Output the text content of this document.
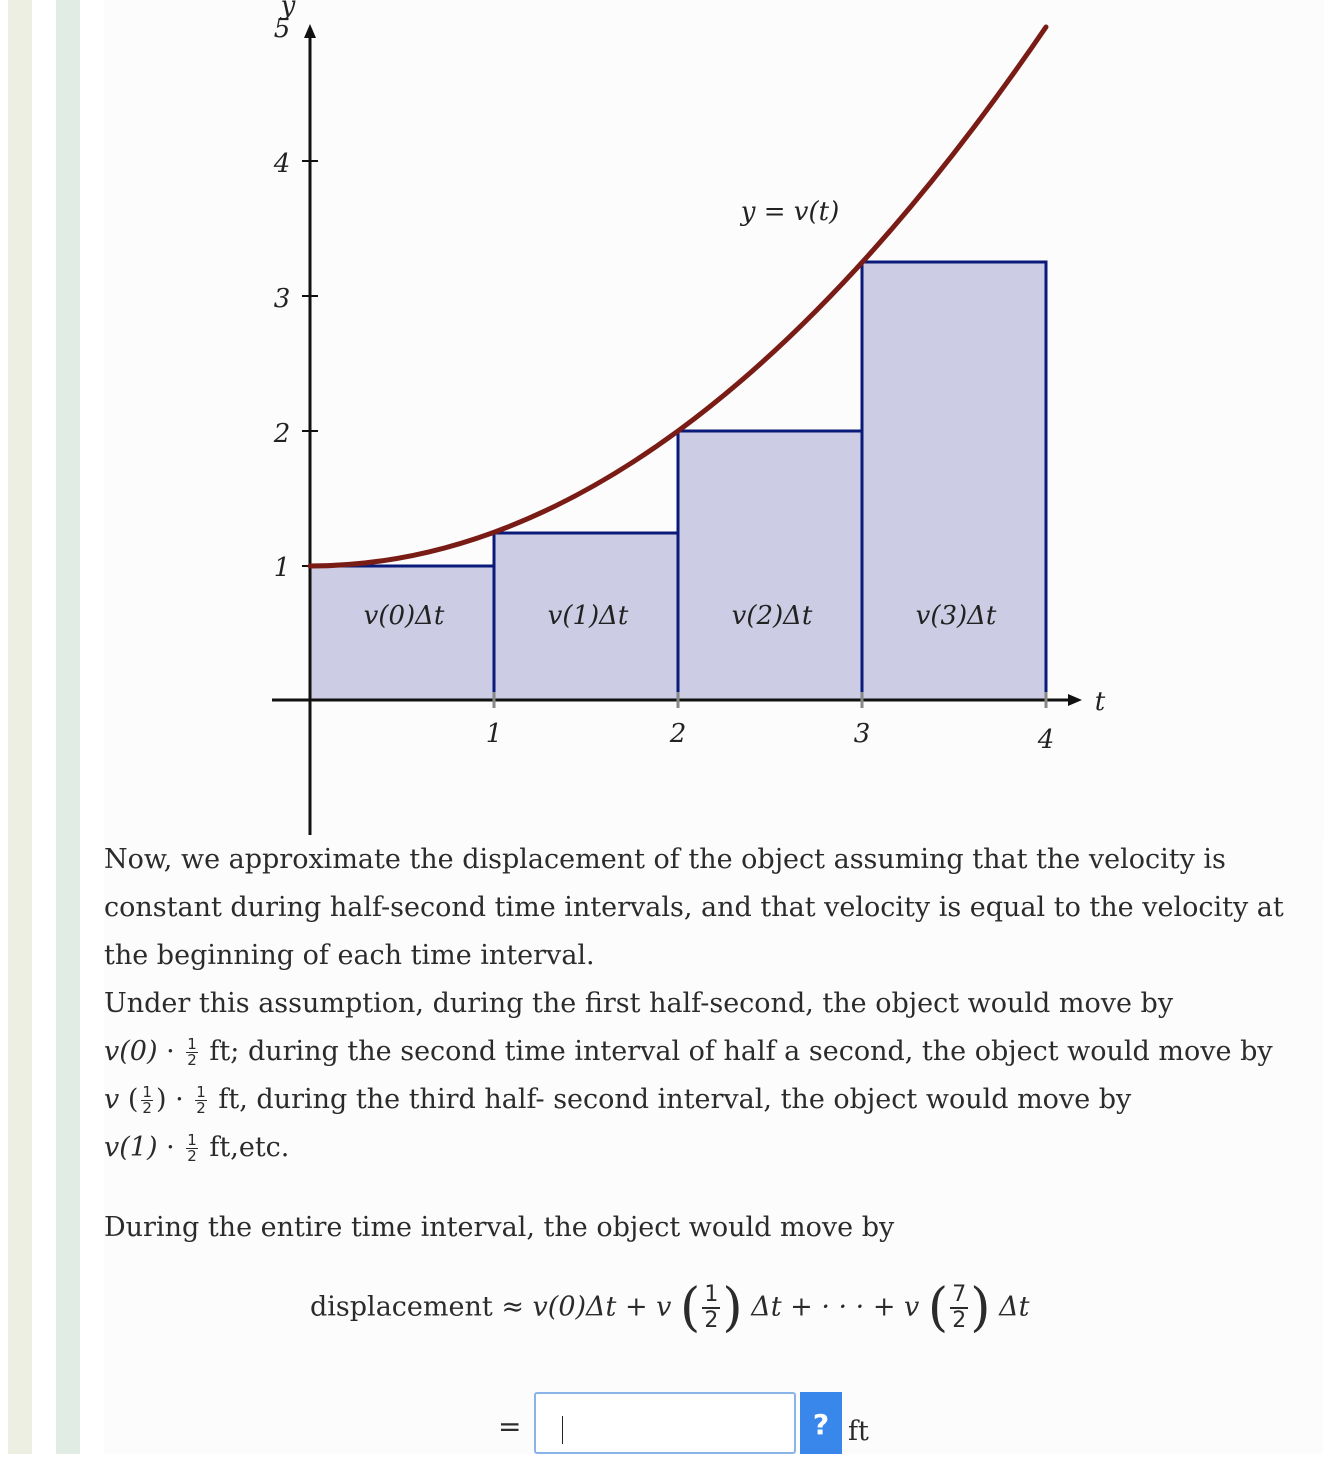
1
2
3
4
5
y
1	2	3	4
t
y = v(t)
v(0)Δt	v(1)Δt	v(2)Δt	v(3)Δt
Now, we approximate the displacement of the object assuming that the velocity is constant during half-second time intervals, and that velocity is equal to the velocity at the beginning of each time interval.
Under this assumption, during the first half-second, the object would move by
$v(0) \cdot \frac{1}{2}$ ft; during the second time interval of half a second, the object would move by
v ( $\frac{1}{2}$ ) · $\frac{1}{2}$ ft, during the third half- second interval, the object would move by
$v(1) \cdot \frac{1}{2} ft,etc$.
During the entire time interval, the object would move by
displacement ≈ v(0)Δt + v ( $\frac{1}{2}$ ) Δt + · · · + v ( $\frac{7}{2}$ ) Δt
=	? ft
